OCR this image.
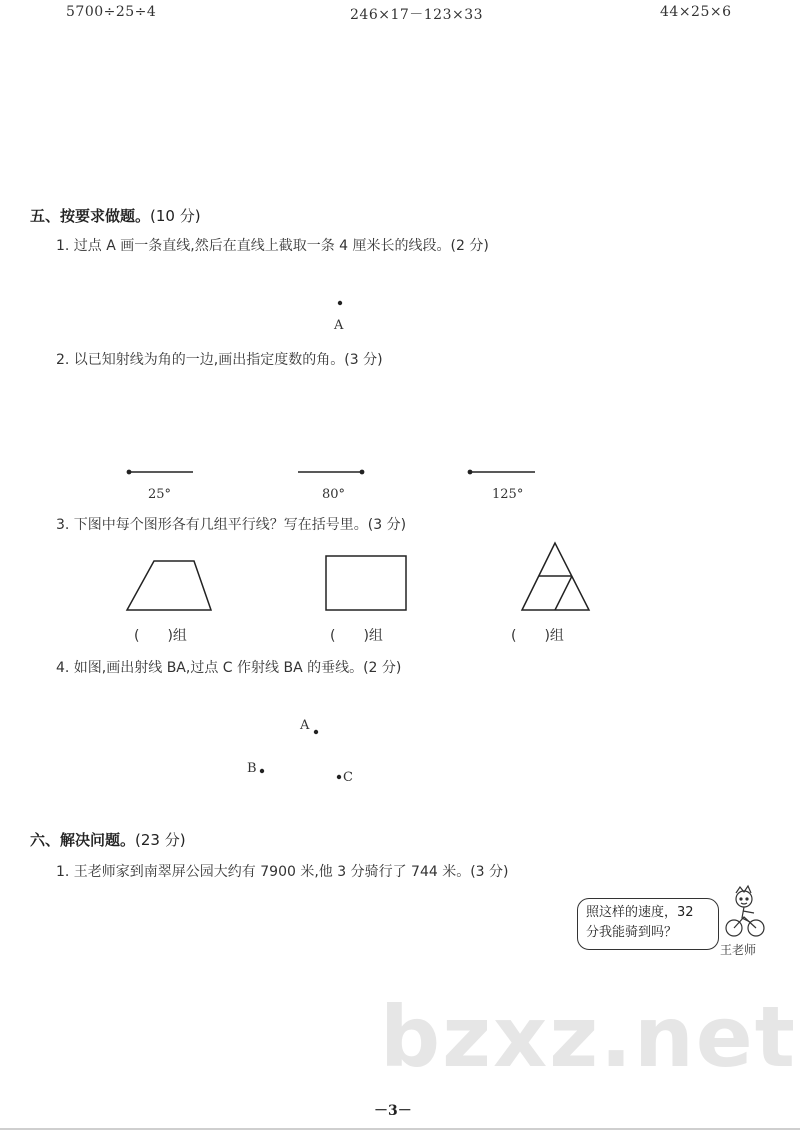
5700÷25÷4	246×17－123×33	44×25×6
五、按要求做题。(10 分)
1. 过点 A 画一条直线,然后在直线上截取一条 4 厘米长的线段。(2 分)
A
2. 以已知射线为角的一边,画出指定度数的角。(3 分)
25°	80°	125°
3. 下图中每个图形各有几组平行线？写在括号里。(3 分)
(　　)组	(　　)组	(　　)组
4. 如图,画出射线 BA,过点 C 作射线 BA 的垂线。(2 分)
A
B
C
六、解决问题。(23 分)
1. 王老师家到南翠屏公园大约有 7900 米,他 3 分骑行了 744 米。(3 分)
照这样的速度，32
分我能骑到吗？
王老师
bzxz.net
－3－
